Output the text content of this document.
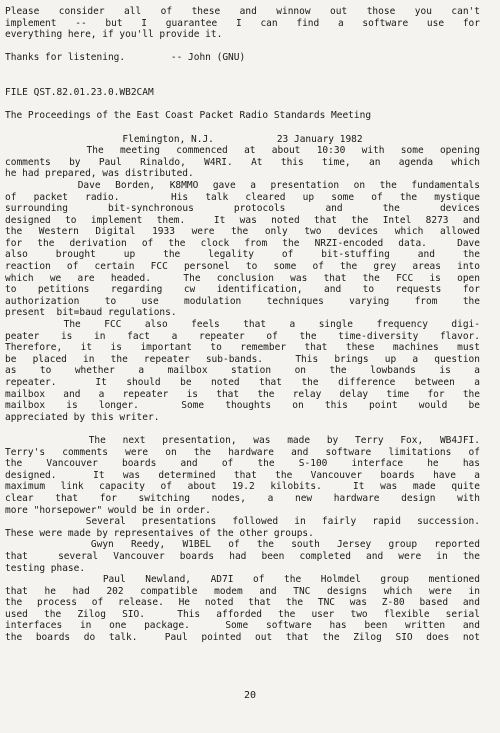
Please consider all of these and winnow out those you can't
implement -- but I guarantee I can find a software use for
everything here, if you'll provide it.
Thanks for listening.        -- John (GNU)
FILE QST.82.01.23.0.WB2CAM
The Proceedings of the East Coast Packet Radio Standards Meeting
Flemington, N.J.           23 January 1982
The meeting commenced at about 10:30 with some opening
comments by Paul Rinaldo, W4RI. At this time, an agenda which
he had prepared, was distributed.
Dave Borden, K8MMO gave a presentation on the fundamentals
of packet radio.   His talk cleared up some of the mystique
surrounding  bit-synchronous  protocols  and  the  devices
designed to implement them.  It was noted that the Intel 8273 and
the Western Digital 1933 were the only two devices which allowed
for the derivation of the clock from the NRZI-encoded data.  Dave
also  brought  up  the  legality  of  bit-stuffing  and  the
reaction of certain FCC personel to some of the grey areas into
which we are headed.  The conclusion was that the FCC is open
to petitions regarding cw identification, and to requests for
authorization to use modulation techniques varying from the
present  bit=baud regulations.
The  FCC  also  feels  that  a  single  frequency  digi-
peater is in fact a repeater of the time-diversity flavor.
Therefore, it is important to remember that these machines must
be placed in the repeater sub-bands.  This brings up a question
as to whether a mailbox station on the lowbands is a
repeater.  It should be noted that the difference between a
mailbox and a repeater is that the relay delay time for the
mailbox is longer.  Some thoughts on this point would be
appreciated by this writer.
The next presentation, was made by Terry Fox, WB4JFI.
Terry's comments were on the hardware and software limitations of
the Vancouver boards and of the S-100 interface he has
designed.  It was determined that the Vancouver boards have a
maximum link capacity of about 19.2 kilobits.  It was made quite
clear that for switching nodes, a new hardware design with
more "horsepower" would be in order.
Several presentations followed in fairly rapid succession.
These were made by representaives of the other groups.
Gwyn Reedy, W1BEL of the south Jersey group reported
that  several Vancouver boards had been completed and were in the
testing phase.
Paul Newland, AD7I of the Holmdel group mentioned
that he had 202 compatible modem and TNC designs which were in
the process of release. He noted that the TNC was Z-80 based and
used the Zilog SIO.  This afforded the user two flexible serial
interfaces in one package.  Some software has been written and
the boards do talk.  Paul pointed out that the Zilog SIO does not
20
